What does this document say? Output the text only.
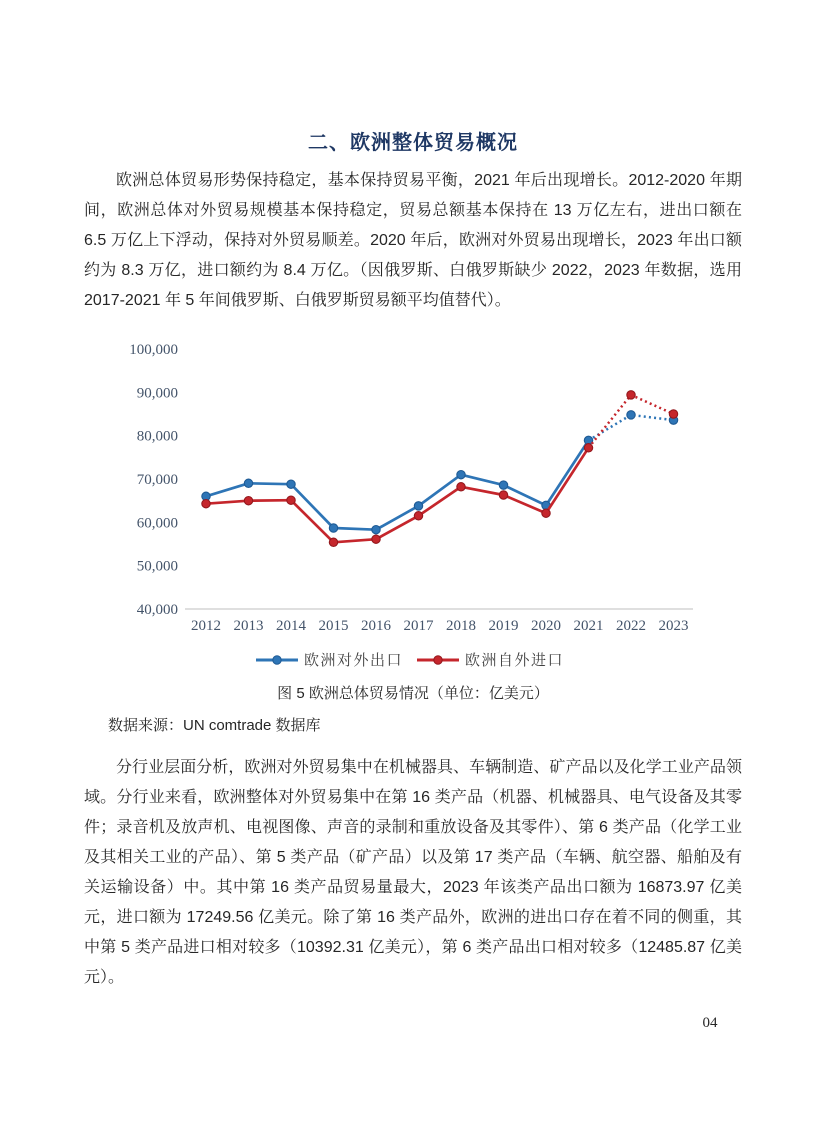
二、欧洲整体贸易概况

欧洲总体贸易形势保持稳定，基本保持贸易平衡，2021 年后出现增长。2012-2020 年期间，欧洲总体对外贸易规模基本保持稳定，贸易总额基本保持在 13 万亿左右，进出口额在 6.5 万亿上下浮动，保持对外贸易顺差。2020 年后，欧洲对外贸易出现增长，2023 年出口额约为 8.3 万亿，进口额约为 8.4 万亿。（因俄罗斯、白俄罗斯缺少 2022，2023 年数据，选用 2017-2021 年 5 年间俄罗斯、白俄罗斯贸易额平均值替代）。

40,000
50,000
60,000
70,000
80,000
90,000
100,000
2012 2013 2014 2015 2016 2017 2018 2019 2020 2021 2022 2023
欧洲对外出口	欧洲自外进口

图 5 欧洲总体贸易情况（单位：亿美元）

数据来源：UN comtrade 数据库

分行业层面分析，欧洲对外贸易集中在机械器具、车辆制造、矿产品以及化学工业产品领域。分行业来看，欧洲整体对外贸易集中在第 16 类产品（机器、机械器具、电气设备及其零件；录音机及放声机、电视图像、声音的录制和重放设备及其零件）、第 6 类产品（化学工业及其相关工业的产品）、第 5 类产品（矿产品）以及第 17 类产品（车辆、航空器、船舶及有关运输设备）中。其中第 16 类产品贸易量最大，2023 年该类产品出口额为 16873.97 亿美元，进口额为 17249.56 亿美元。除了第 16 类产品外，欧洲的进出口存在着不同的侧重，其中第 5 类产品进口相对较多（10392.31 亿美元），第 6 类产品出口相对较多（12485.87 亿美元）。

04
